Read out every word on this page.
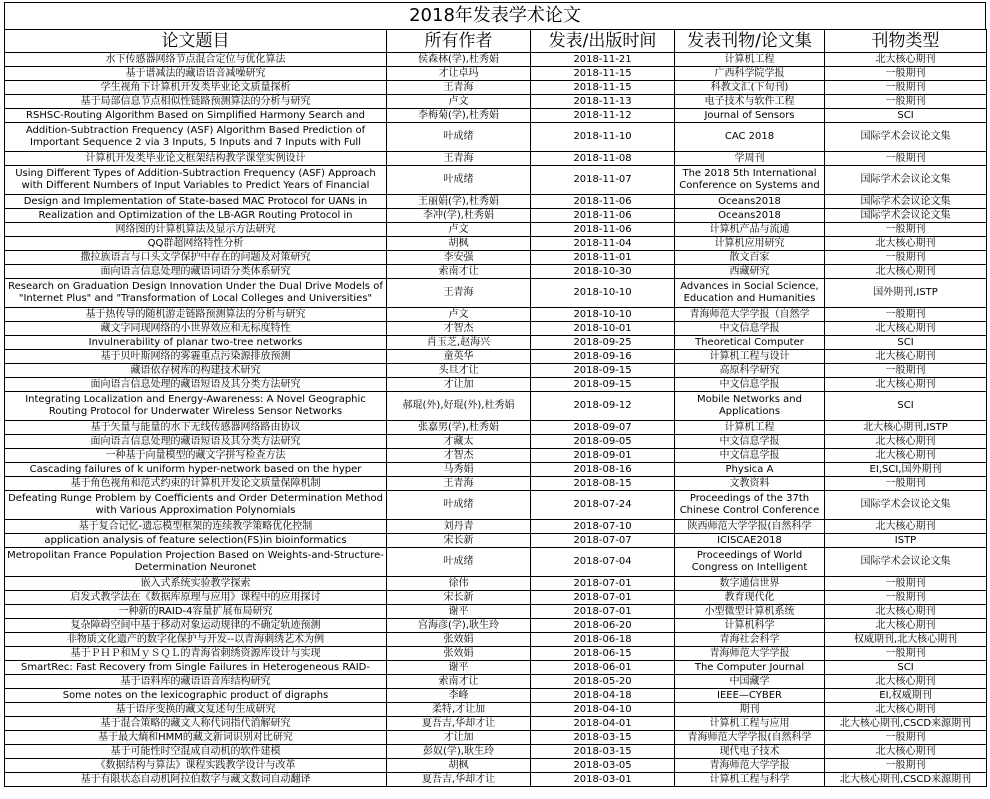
2018年发表学术论文
论文题目	所有作者	发表/出版时间	发表刊物/论文集	刊物类型
水下传感器网络节点混合定位与优化算法	侯森林(学),杜秀娟	2018-11-21	计算机工程	北大核心期刊
基于谱减法的藏语语音减噪研究	才让卓玛	2018-11-15	广西科学院学报	一般期刊
学生视角下计算机开发类毕业论文质量探析	王青海	2018-11-15	科教文汇(下旬刊)	一般期刊
基于局部信息节点相似性链路预测算法的分析与研究	卢文	2018-11-13	电子技术与软件工程	一般期刊
RSHSC-Routing Algorithm Based on Simplified Harmony Search and	李梅菊(学),杜秀娟	2018-11-12	Journal of Sensors	SCI
Addition-Subtraction Frequency (ASF) Algorithm Based Prediction of Important Sequence 2 via 3 Inputs, 5 Inputs and 7 Inputs with Full	叶成绪	2018-11-10	CAC 2018	国际学术会议论文集
计算机开发类毕业论文框架结构教学课堂实例设计	王青海	2018-11-08	学周刊	一般期刊
Using Different Types of Addition-Subtraction Frequency (ASF) Approach with Different Numbers of Input Variables to Predict Years of Financial	叶成绪	2018-11-07	The 2018 5th International Conference on Systems and	国际学术会议论文集
Design and Implementation of State-based MAC Protocol for UANs in	王丽娟(学),杜秀娟	2018-11-06	Oceans2018	国际学术会议论文集
Realization and Optimization of the LB-AGR Routing Protocol in	李冲(学),杜秀娟	2018-11-06	Oceans2018	国际学术会议论文集
网络图的计算机算法及显示方法研究	卢文	2018-11-06	计算机产品与流通	一般期刊
QQ群超网络特性分析	胡枫	2018-11-04	计算机应用研究	北大核心期刊
撒拉族语言与口头文学保护中存在的问题及对策研究	李安强	2018-11-01	散文百家	一般期刊
面向语言信息处理的藏语词语分类体系研究	索南才让	2018-10-30	西藏研究	北大核心期刊
Research on Graduation Design Innovation Under the Dual Drive Models of "Internet Plus" and "Transformation of Local Colleges and Universities"	王青海	2018-10-10	Advances in Social Science, Education and Humanities	国外期刊,ISTP
基于热传导的随机游走链路预测算法的分析与研究	卢文	2018-10-10	青海师范大学学报（自然学	一般期刊
藏文字同现网络的小世界效应和无标度特性	才智杰	2018-10-01	中文信息学报	北大核心期刊
Invulnerability of planar two-tree networks	肖玉芝,赵海兴	2018-09-25	Theoretical Computer	SCI
基于贝叶斯网络的雾霾重点污染源排放预测	童英华	2018-09-16	计算机工程与设计	北大核心期刊
藏语依存树库的构建技术研究	头旦才让	2018-09-15	高原科学研究	一般期刊
面向语言信息处理的藏语短语及其分类方法研究	才让加	2018-09-15	中文信息学报	北大核心期刊
Integrating Localization and Energy-Awareness: A Novel Geographic Routing Protocol for Underwater Wireless Sensor Networks	郝琨(外),好琨(外),杜秀娟	2018-09-12	Mobile Networks and Applications	SCI
基于矢量与能量的水下无线传感器网络路由协议	张嘉男(学),杜秀娟	2018-09-07	计算机工程	北大核心期刊,ISTP
面向语言信息处理的藏语短语及其分类方法研究	才藏太	2018-09-05	中文信息学报	北大核心期刊
一种基于向量模型的藏文字拼写检查方法	才智杰	2018-09-01	中文信息学报	北大核心期刊
Cascading failures of k uniform hyper-network based on the hyper	马秀娟	2018-08-16	Physica A	EI,SCI,国外期刊
基于角色视角和范式约束的计算机开发论文质量保障机制	王青海	2018-08-15	文教资料	一般期刊
Defeating Runge Problem by Coefficients and Order Determination Method with Various Approximation Polynomials	叶成绪	2018-07-24	Proceedings of the 37th Chinese Control Conference	国际学术会议论文集
基于复合记忆-遗忘模型框架的连续教学策略优化控制	刘丹青	2018-07-10	陕西师范大学学报(自然科学	北大核心期刊
application analysis of feature selection(FS)in bioinformatics	宋长新	2018-07-07	ICISCAE2018	ISTP
Metropolitan France Population Projection Based on Weights-and-Structure-Determination Neuronet	叶成绪	2018-07-04	Proceedings of World Congress on Intelligent	国际学术会议论文集
嵌入式系统实验教学探索	徐伟	2018-07-01	数字通信世界	一般期刊
启发式教学法在《数据库原理与应用》课程中的应用探讨	宋长新	2018-07-01	教育现代化	一般期刊
一种新的RAID-4容量扩展布局研究	谢平	2018-07-01	小型微型计算机系统	北大核心期刊
复杂障碍空间中基于移动对象运动规律的不确定轨迹预测	宫海彦(学),耿生玲	2018-06-20	计算机科学	北大核心期刊
非物质文化遗产的数字化保护与开发--以青海刺绣艺术为例	张效娟	2018-06-18	青海社会科学	权威期刊,北大核心期刊
基于ＰＨＰ和ＭｙＳＱＬ的青海省刺绣资源库设计与实现	张效娟	2018-06-15	青海师范大学学报	一般期刊
SmartRec: Fast Recovery from Single Failures in Heterogeneous RAID-	谢平	2018-06-01	The Computer Journal	SCI
基于语料库的藏语语音库结构研究	索南才让	2018-05-20	中国藏学	北大核心期刊
Some notes on the lexicographic product of digraphs	李峰	2018-04-18	IEEE—CYBER	EI,权威期刊
基于语序变换的藏文复述句生成研究	柔特,才让加	2018-04-10	期刊	北大核心期刊
基于混合策略的藏文人称代词指代消解研究	夏吾吉,华却才让	2018-04-01	计算机工程与应用	北大核心期刊,CSCD来源期刊
基于最大熵和HMM的藏文新词识别对比研究	才让加	2018-03-15	青海师范大学学报(自然科学	一般期刊
基于可能性时空混成自动机的软件建模	彭奴(学),耿生玲	2018-03-15	现代电子技术	北大核心期刊
《数据结构与算法》课程实践教学设计与改革	胡枫	2018-03-05	青海师范大学学报	一般期刊
基于有限状态自动机阿拉伯数字与藏文数词自动翻译	夏吾吉,华却才让	2018-03-01	计算机工程与科学	北大核心期刊,CSCD来源期刊
